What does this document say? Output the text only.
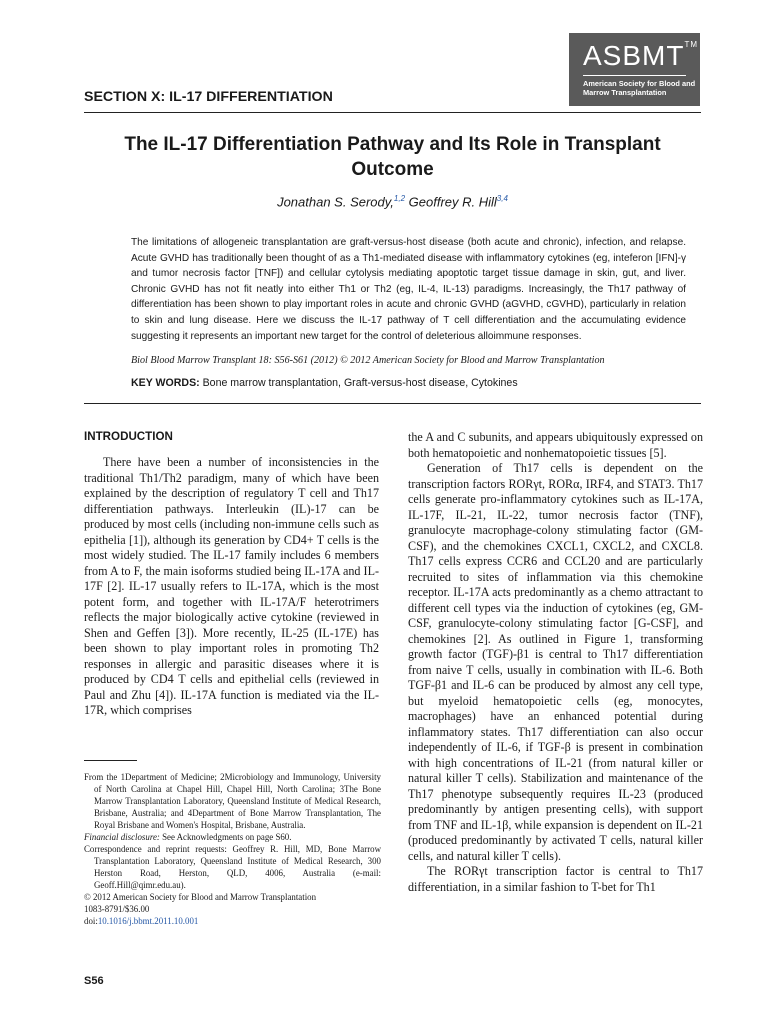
ASBMT™
American Society for Blood and Marrow Transplantation
SECTION X: IL-17 DIFFERENTIATION
The IL-17 Differentiation Pathway and Its Role in Transplant Outcome
Jonathan S. Serody,$^{1,2}$ Geoffrey R. Hill$^{3,4}$

The limitations of allogeneic transplantation are graft-versus-host disease (both acute and chronic), infection, and relapse. Acute GVHD has traditionally been thought of as a Th1-mediated disease with inflammatory cytokines (eg, inteferon [IFN]-γ and tumor necrosis factor [TNF]) and cellular cytolysis mediating apoptotic target tissue damage in skin, gut, and liver. Chronic GVHD has not fit neatly into either Th1 or Th2 (eg, IL-4, IL-13) paradigms. Increasingly, the Th17 pathway of differentiation has been shown to play important roles in acute and chronic GVHD (aGVHD, cGVHD), particularly in relation to skin and lung disease. Here we discuss the IL-17 pathway of T cell differentiation and the accumulating evidence suggesting it represents an important new target for the control of deleterious alloimmune responses.

Biol Blood Marrow Transplant 18: S56-S61 (2012) © 2012 American Society for Blood and Marrow Transplantation

KEY WORDS: Bone marrow transplantation, Graft-versus-host disease, Cytokines

INTRODUCTION

There have been a number of inconsistencies in the traditional Th1/Th2 paradigm, many of which have been explained by the description of regulatory T cell and Th17 differentiation pathways. Interleukin (IL)-17 can be produced by most cells (including non-immune cells such as epithelia [1]), although its generation by CD4+ T cells is the most widely studied. The IL-17 family includes 6 members from A to F, the main isoforms studied being IL-17A and IL-17F [2]. IL-17 usually refers to IL-17A, which is the most potent form, and together with IL-17A/F heterotrimers reflects the major biologically active cytokine (reviewed in Shen and Geffen [3]). More recently, IL-25 (IL-17E) has been shown to play important roles in promoting Th2 responses in allergic and parasitic diseases where it is produced by CD4 T cells and epithelial cells (reviewed in Paul and Zhu [4]). IL-17A function is mediated via the IL-17R, which comprises

the A and C subunits, and appears ubiquitously expressed on both hematopoietic and nonhematopoietic tissues [5].

Generation of Th17 cells is dependent on the transcription factors RORγt, RORα, IRF4, and STAT3. Th17 cells generate pro-inflammatory cytokines such as IL-17A, IL-17F, IL-21, IL-22, tumor necrosis factor (TNF), granulocyte macrophage-colony stimulating factor (GM-CSF), and the chemokines CXCL1, CXCL2, and CXCL8. Th17 cells express CCR6 and CCL20 and are particularly recruited to sites of inflammation via this chemokine receptor. IL-17A acts predominantly as a chemo attractant to different cell types via the induction of cytokines (eg, GM-CSF, granulocyte-colony stimulating factor [G-CSF], and chemokines [2]. As outlined in Figure 1, transforming growth factor (TGF)-β1 is central to Th17 differentiation from naive T cells, usually in combination with IL-6. Both TGF-β1 and IL-6 can be produced by almost any cell type, but myeloid hematopoietic cells (eg, monocytes, macrophages) have an enhanced potential during inflammatory states. Th17 differentiation can also occur independently of IL-6, if TGF-β is present in combination with high concentrations of IL-21 (from natural killer or natural killer T cells). Stabilization and maintenance of the Th17 phenotype subsequently requires IL-23 (produced predominantly by antigen presenting cells), with support from TNF and IL-1β, while expansion is dependent on IL-21 (produced predominantly by activated T cells, natural killer cells, and natural killer T cells).

The RORγt transcription factor is central to Th17 differentiation, in a similar fashion to T-bet for Th1

From the 1Department of Medicine; 2Microbiology and Immunology, University of North Carolina at Chapel Hill, Chapel Hill, North Carolina; 3The Bone Marrow Transplantation Laboratory, Queensland Institute of Medical Research, Brisbane, Australia; and 4Department of Bone Marrow Transplantation, The Royal Brisbane and Women's Hospital, Brisbane, Australia.

Financial disclosure: See Acknowledgments on page S60.

Correspondence and reprint requests: Geoffrey R. Hill, MD, Bone Marrow Transplantation Laboratory, Queensland Institute of Medical Research, 300 Herston Road, Herston, QLD, 4006, Australia (e-mail: Geoff.Hill@qimr.edu.au).

© 2012 American Society for Blood and Marrow Transplantation

1083-8791/$36.00

doi:10.1016/j.bbmt.2011.10.001

S56
